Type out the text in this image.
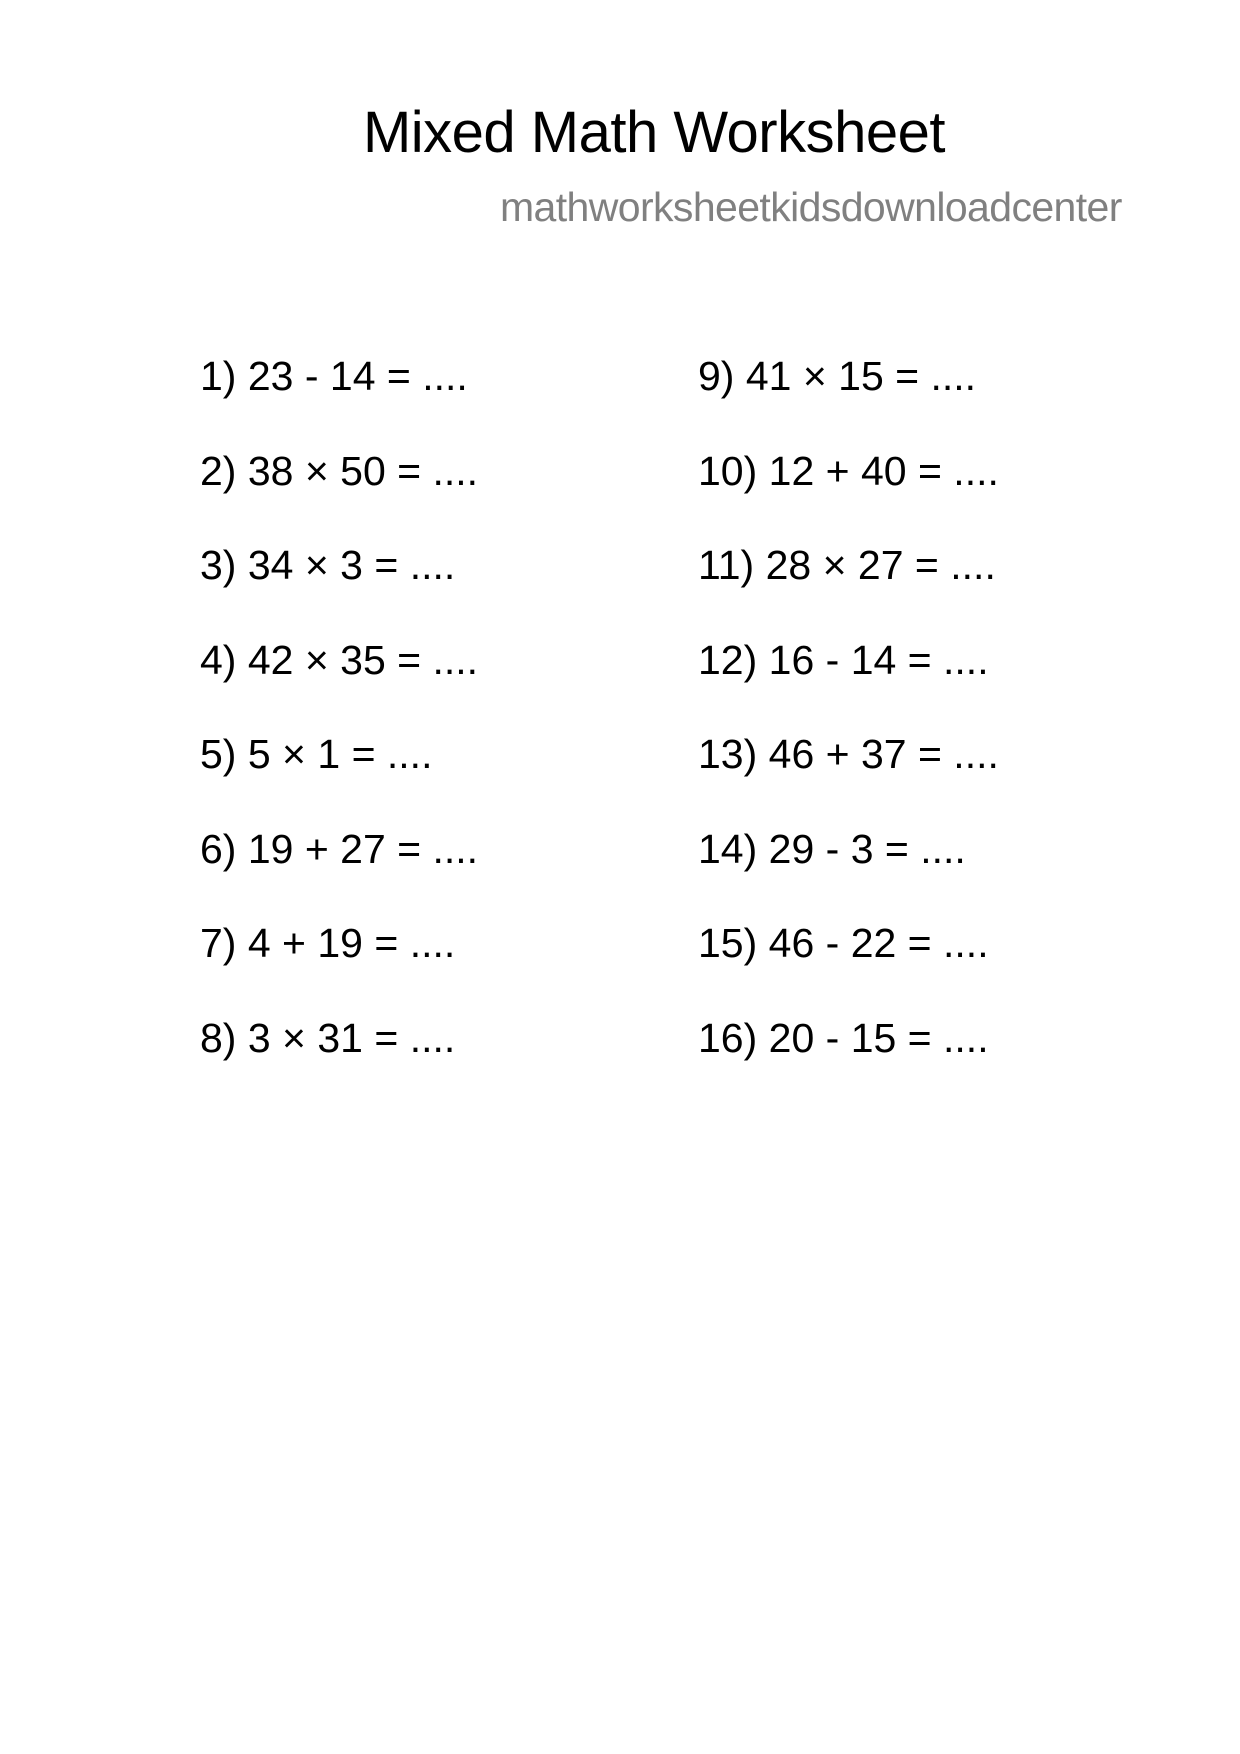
Mixed Math Worksheet
mathworksheetkidsdownloadcenter
1) 23 - 14 = ....
2) 38 × 50 = ....
3) 34 × 3 = ....
4) 42 × 35 = ....
5) 5 × 1 = ....
6) 19 + 27 = ....
7) 4 + 19 = ....
8) 3 × 31 = ....
9) 41 × 15 = ....
10) 12 + 40 = ....
11) 28 × 27 = ....
12) 16 - 14 = ....
13) 46 + 37 = ....
14) 29 - 3 = ....
15) 46 - 22 = ....
16) 20 - 15 = ....
